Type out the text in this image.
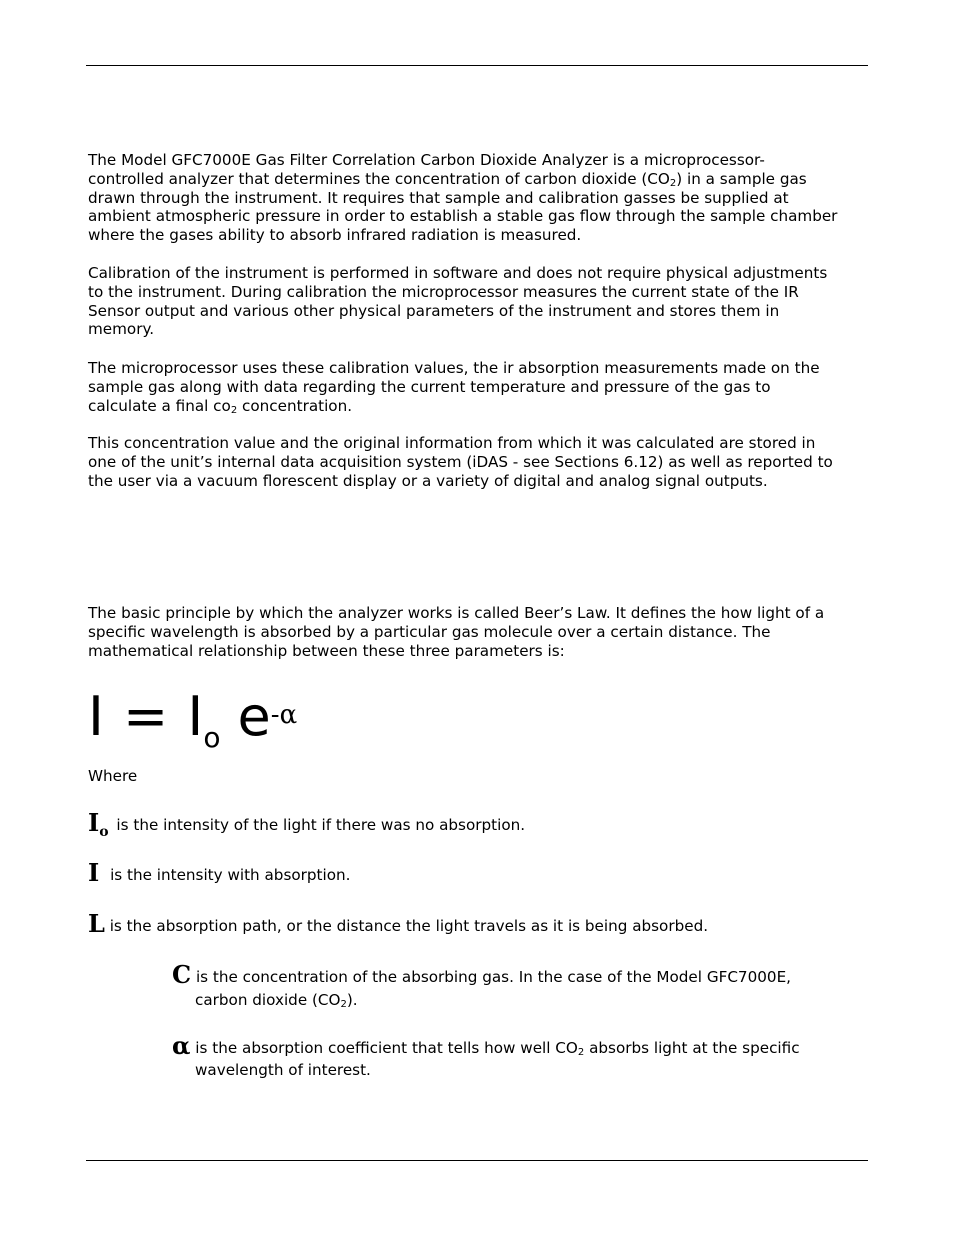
The Model GFC7000E Gas Filter Correlation Carbon Dioxide Analyzer is a microprocessor-
controlled analyzer that determines the concentration of carbon dioxide $(CO_2)$ in a sample gas
drawn through the instrument. It requires that sample and calibration gasses be supplied at
ambient atmospheric pressure in order to establish a stable gas flow through the sample chamber
where the gases ability to absorb infrared radiation is measured.
Calibration of the instrument is performed in software and does not require physical adjustments
to the instrument. During calibration the microprocessor measures the current state of the IR
Sensor output and various other physical parameters of the instrument and stores them in
memory.
The microprocessor uses these calibration values, the ir absorption measurements made on the
sample gas along with data regarding the current temperature and pressure of the gas to
calculate a final $co_2$ concentration.
This concentration value and the original information from which it was calculated are stored in
one of the unit’s internal data acquisition system (iDAS - see Sections 6.12) as well as reported to
the user via a vacuum florescent display or a variety of digital and analog signal outputs.
The basic principle by which the analyzer works is called Beer’s Law. It defines the how light of a
specific wavelength is absorbed by a particular gas molecule over a certain distance. The
mathematical relationship between these three parameters is:
I = Io e-α
Where
Io is the intensity of the light if there was no absorption.
I is the intensity with absorption.
L is the absorption path, or the distance the light travels as it is being absorbed.
C is the concentration of the absorbing gas. In the case of the Model GFC7000E,
carbon dioxide $(CO_2)$.
α is the absorption coefficient that tells how well $CO_2$ absorbs light at the specific
wavelength of interest.
